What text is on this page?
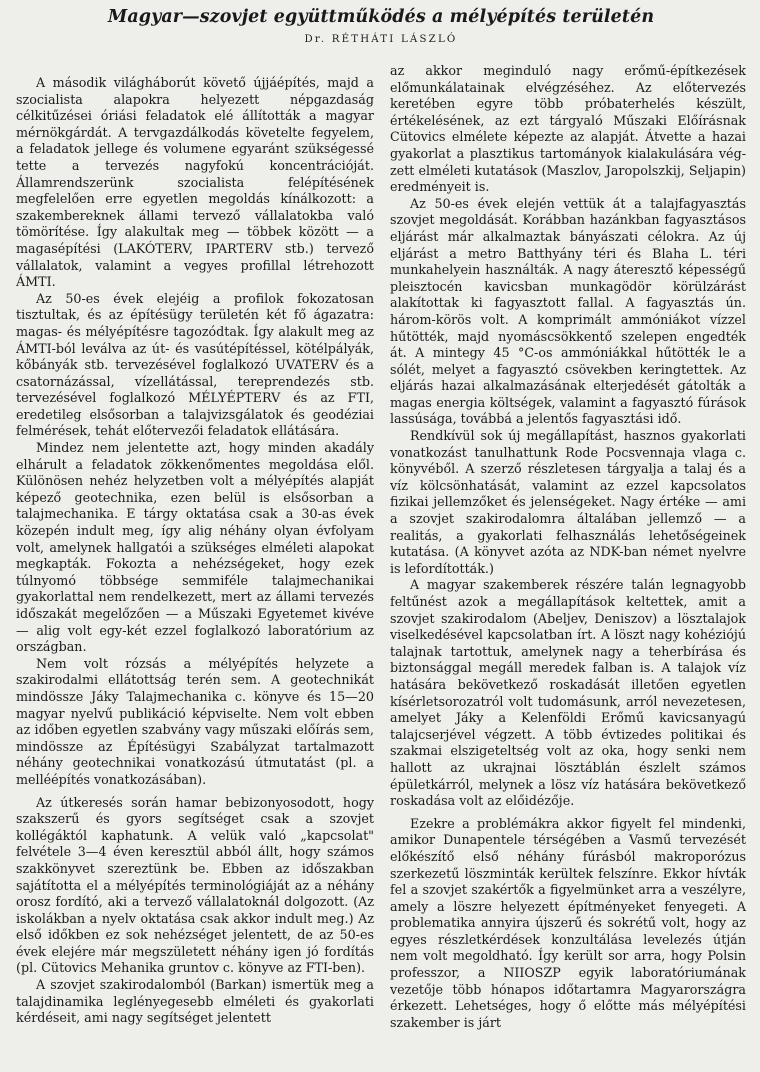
Magyar—szovjet együttműködés a mélyépítés területén
Dr. RÉTHÁTI LÁSZLÓ

A második világháborút követő újjáépítés, majd a szocialista alapokra helyezett népgazdaság célkitűzései óriási feladatok elé állították a magyar mérnökgárdát. A tervgazdálkodás követelte fegyelem, a feladatok jellege és volumene egyaránt szükségessé tette a tervezés nagyfokú koncentrációját. Államrendszerünk szocialista felépítésének megfelelően erre egyetlen megoldás kínálkozott: a szakembereknek állami tervező vállalatokba való tömörítése. Így alakultak meg — többek között — a magasépítési (LAKÓTERV, IPARTERV stb.) tervező vállalatok, valamint a vegyes profillal létrehozott ÁMTI.

Az 50-es évek elejéig a profilok fokozatosan tisztultak, és az építésügy területén két fő ágazatra: magas- és mélyépítésre tagozódtak. Így alakult meg az ÁMTI-ból leválva az út- és vasútépítéssel, kötélpályák, kőbányák stb. tervezésével foglalkozó UVATERV és a csatornázással, vízellátással, tereprendezés stb. tervezésével foglalkozó MÉLYÉPTERV és az FTI, eredetileg elsősorban a talajvizsgálatok és geodéziai felmérések, tehát előtervezői feladatok ellátására.

Mindez nem jelentette azt, hogy minden akadály elhárult a feladatok zökkenőmentes megoldása elől. Különösen nehéz helyzetben volt a mélyépítés alapját képező geotechnika, ezen belül is elsősorban a talajmechanika. E tárgy oktatása csak a 30-as évek közepén indult meg, így alig néhány olyan évfolyam volt, amelynek hallgatói a szükséges elméleti alapokat megkapták. Fokozta a nehézségeket, hogy ezek túlnyomó többsége semmiféle talajmechanikai gyakorlattal nem rendelkezett, mert az állami tervezés időszakát megelőzően — a Műszaki Egyetemet kivéve — alig volt egy-két ezzel foglalkozó laboratórium az országban.

Nem volt rózsás a mélyépítés helyzete a szakirodalmi ellátottság terén sem. A geotechnikát mindössze Jáky Talajmechanika c. könyve és 15—20 magyar nyelvű publikáció képviselte. Nem volt ebben az időben egyetlen szabvány vagy műszaki előírás sem, mindössze az Építésügyi Szabályzat tartalmazott néhány geotechnikai vonatkozású útmutatást (pl. a melléépítés vonatkozásában).

Az útkeresés során hamar bebizonyosodott, hogy szakszerű és gyors segítséget csak a szovjet kollégáktól kaphatunk. A velük való „kapcsolat" felvétele 3—4 éven keresztül abból állt, hogy számos szakkönyvet szereztünk be. Ebben az időszakban sajátította el a mélyépítés terminológiáját az a néhány orosz fordító, aki a tervező vállalatoknál dolgozott. (Az iskolákban a nyelv oktatása csak akkor indult meg.) Az első időkben ez sok nehézséget jelentett, de az 50-es évek elejére már megszületett néhány igen jó fordítás (pl. Cütovics Mehanika gruntov c. könyve az FTI-ben).

A szovjet szakirodalomból (Barkan) ismertük meg a talajdinamika leglényegesebb elméleti és gyakorlati kérdéseit, ami nagy segítséget jelentett

az akkor meginduló nagy erőmű-építkezések előmunkálatainak elvégzéséhez. Az előtervezés keretében egyre több próbaterhelés készült, értékelésének, az ezt tárgyaló Műszaki Előírásnak Cütovics elmélete képezte az alapját. Átvette a hazai gyakorlat a plasztikus tartományok kialakulására végzett elméleti kutatások (Maszlov, Jaropolszkij, Seljapin) eredményeit is.

Az 50-es évek elején vettük át a talajfagyasztás szovjet megoldását. Korábban hazánkban fagyasztásos eljárást már alkalmaztak bányászati célokra. Az új eljárást a metro Batthyány téri és Blaha L. téri munkahelyein használták. A nagy áteresztő képességű pleisztocén kavicsban munkagödör körülzárást alakítottak ki fagyasztott fallal. A fagyasztás ún. három-körös volt. A komprimált ammóniákot vízzel hűtötték, majd nyomáscsökkentő szelepen engedték át. A mintegy 45 °C-os ammóniákkal hűtötték le a sólét, melyet a fagyasztó csövekben keringtettek. Az eljárás hazai alkalmazásának elterjedését gátolták a magas energia költségek, valamint a fagyasztó fúrások lassúsága, továbbá a jelentős fagyasztási idő.

Rendkívül sok új megállapítást, hasznos gyakorlati vonatkozást tanulhattunk Rode Pocsvennaja vlaga c. könyvéből. A szerző részletesen tárgyalja a talaj és a víz kölcsönhatását, valamint az ezzel kapcsolatos fizikai jellemzőket és jelenségeket. Nagy értéke — ami a szovjet szakirodalomra általában jellemző — a realitás, a gyakorlati felhasználás lehetőségeinek kutatása. (A könyvet azóta az NDK-ban német nyelvre is lefordították.)

A magyar szakemberek részére talán legnagyobb feltűnést azok a megállapítások keltettek, amit a szovjet szakirodalom (Abeljev, Deniszov) a lösztalajok viselkedésével kapcsolatban írt. A löszt nagy kohéziójú talajnak tartottuk, amelynek nagy a teherbírása és biztonsággal megáll meredek falban is. A talajok víz hatására bekövetkező roskadását illetően egyetlen kísérletsorozatról volt tudomásunk, arról nevezetesen, amelyet Jáky a Kelenföldi Erőmű kavicsanyagú talajcserjével végzett. A több évtizedes politikai és szakmai elszigeteltség volt az oka, hogy senki nem hallott az ukrajnai lösztáblán észlelt számos épületkárról, melynek a lösz víz hatására bekövetkező roskadása volt az előidézője.

Ezekre a problémákra akkor figyelt fel mindenki, amikor Dunapentele térségében a Vasmű tervezését előkészítő első néhány fúrásból makroporózus szerkezetű löszminták kerültek felszínre. Ekkor hívták fel a szovjet szakértők a figyelmünket arra a veszélyre, amely a löszre helyezett építményeket fenyegeti. A problematika annyira újszerű és sokrétű volt, hogy az egyes részletkérdések konzultálása levelezés útján nem volt megoldható. Így került sor arra, hogy Polsin professzor, a NIIOSZP egyik laboratóriumának vezetője több hónapos időtartamra Magyarországra érkezett. Lehetséges, hogy ő előtte más mélyépítési szakember is járt
